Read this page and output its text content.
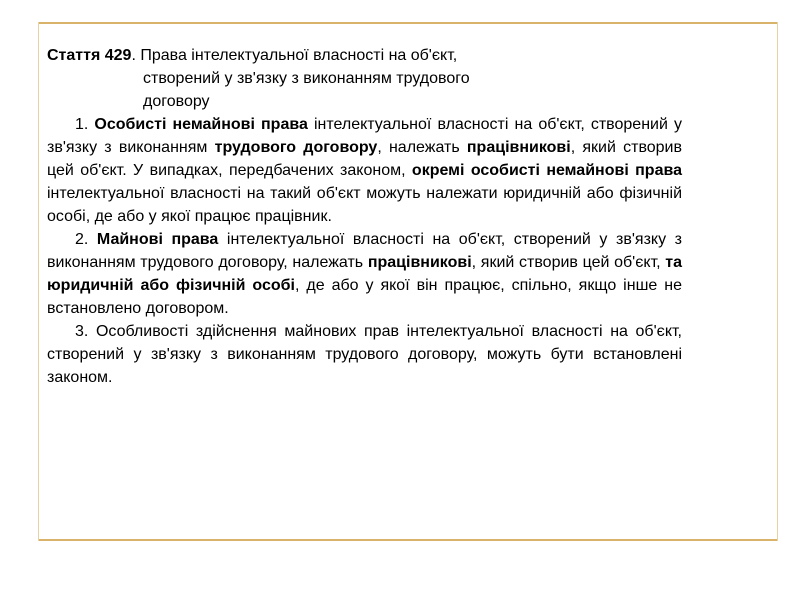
Стаття 429. Права інтелектуальної власності на об'єкт,
створений у зв'язку з виконанням трудового
договору

1. Особисті немайнові права інтелектуальної власності на об'єкт, створений у зв'язку з виконанням трудового договору, належать працівникові, який створив цей об'єкт. У випадках, передбачених законом, окремі особисті немайнові права інтелектуальної власності на такий об'єкт можуть належати юридичній або фізичній особі, де або у якої працює працівник.

2. Майнові права інтелектуальної власності на об'єкт, створений у зв'язку з виконанням трудового договору, належать працівникові, який створив цей об'єкт, та юридичній або фізичній особі, де або у якої він працює, спільно, якщо інше не встановлено договором.

3. Особливості здійснення майнових прав інтелектуальної власності на об'єкт, створений у зв'язку з виконанням трудового договору, можуть бути встановлені законом.
